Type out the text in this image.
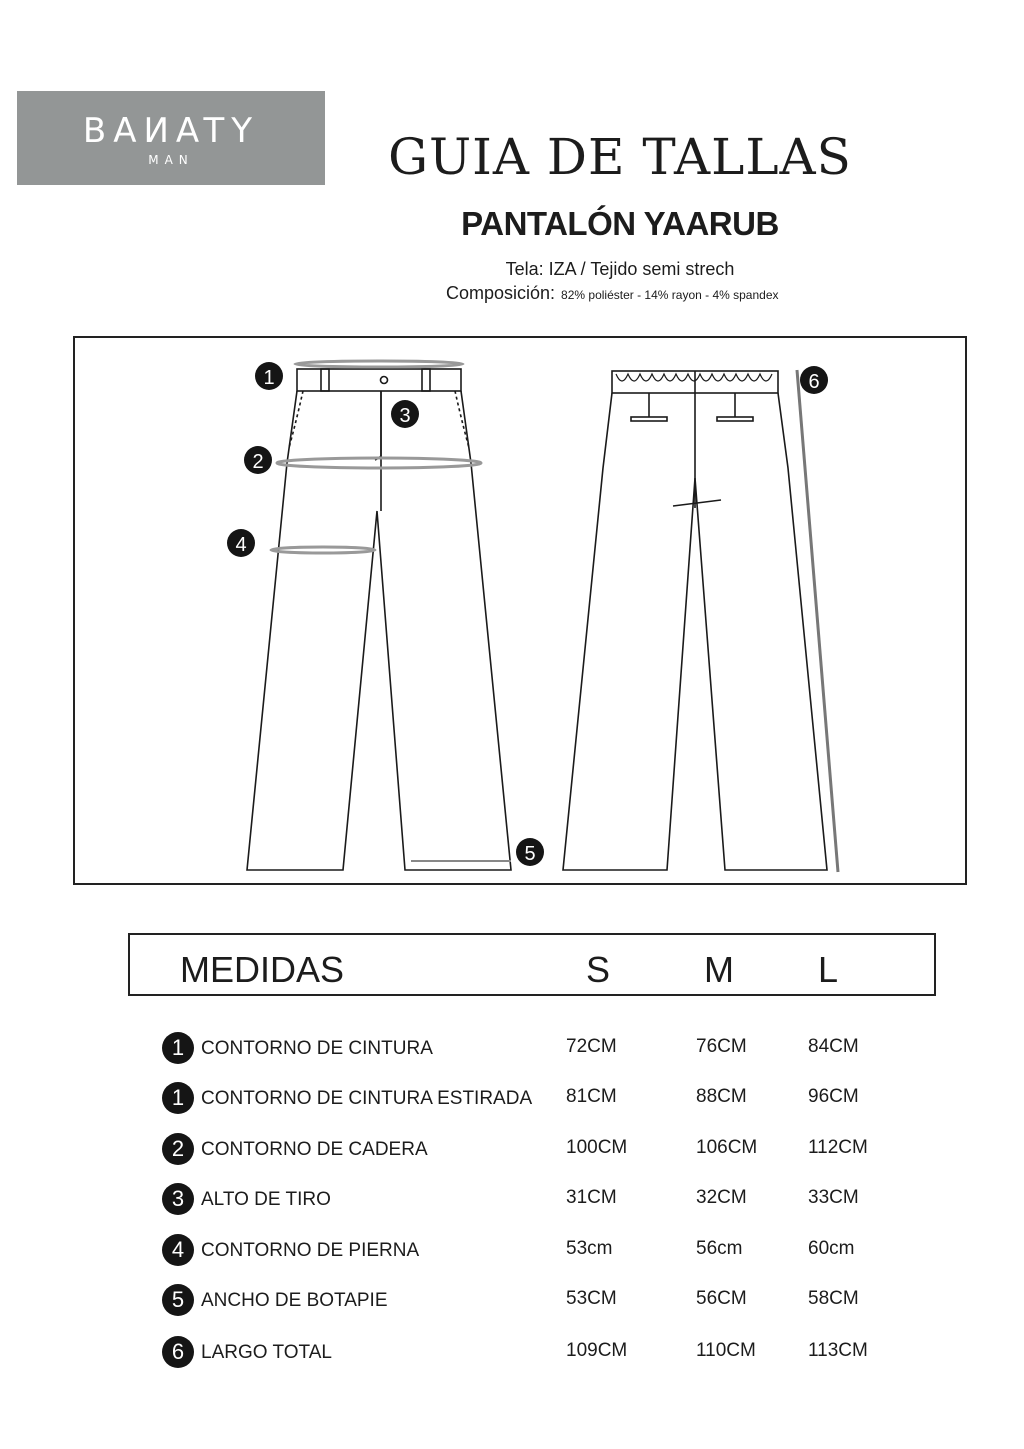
BAИATY
MAN	GUIA DE TALLAS
PANTALÓN YAARUB
Tela: IZA / Tejido semi strech
Composición: 82% poliéster - 14% rayon - 4% spandex
1
2
3
4
5
6
MEDIDAS	S	M L
1 CONTORNO DE CINTURA	72CM	76CM	84CM
1 CONTORNO DE CINTURA ESTIRADA 81CM	88CM	96CM
2 CONTORNO DE CADERA	100CM	106CM	112CM
3 ALTO DE TIRO	31CM	32CM	33CM
4 CONTORNO DE PIERNA	53cm	56cm	60cm
5 ANCHO DE BOTAPIE	53CM	56CM	58CM
6 LARGO TOTAL	109CM	110CM	113CM
